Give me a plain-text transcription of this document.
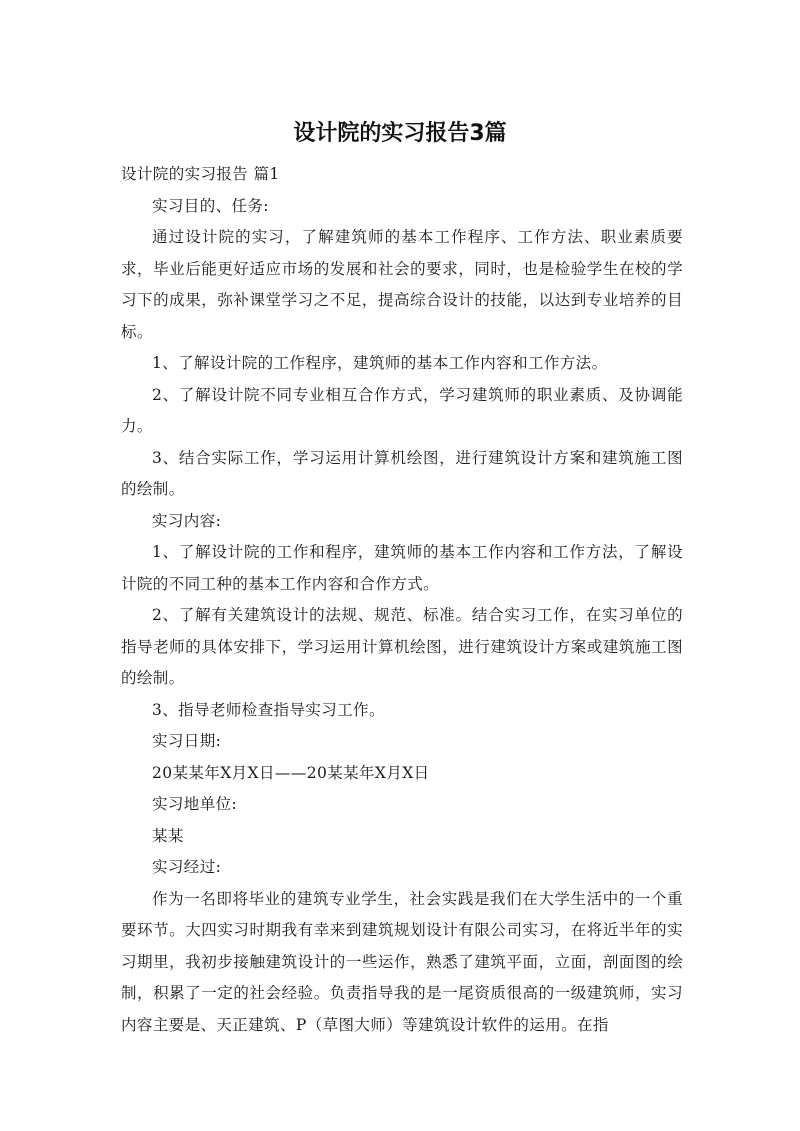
设计院的实习报告3篇

设计院的实习报告 篇1

实习目的、任务:

通过设计院的实习，了解建筑师的基本工作程序、工作方法、职业素质要求，毕业后能更好适应市场的发展和社会的要求，同时，也是检验学生在校的学习下的成果，弥补课堂学习之不足，提高综合设计的技能，以达到专业培养的目标。

1、了解设计院的工作程序，建筑师的基本工作内容和工作方法。

2、了解设计院不同专业相互合作方式，学习建筑师的职业素质、及协调能力。

3、结合实际工作，学习运用计算机绘图，进行建筑设计方案和建筑施工图的绘制。

实习内容:

1、了解设计院的工作和程序，建筑师的基本工作内容和工作方法，了解设计院的不同工种的基本工作内容和合作方式。

2、了解有关建筑设计的法规、规范、标准。结合实习工作，在实习单位的指导老师的具体安排下，学习运用计算机绘图，进行建筑设计方案或建筑施工图的绘制。

3、指导老师检查指导实习工作。

实习日期:

20某某年X月X日——20某某年X月X日

实习地单位:

某某

实习经过:

作为一名即将毕业的建筑专业学生，社会实践是我们在大学生活中的一个重要环节。大四实习时期我有幸来到建筑规划设计有限公司实习，在将近半年的实习期里，我初步接触建筑设计的一些运作，熟悉了建筑平面，立面，剖面图的绘制，积累了一定的社会经验。负责指导我的是一尾资质很高的一级建筑师，实习内容主要是、天正建筑、P（草图大师）等建筑设计软件的运用。在指
